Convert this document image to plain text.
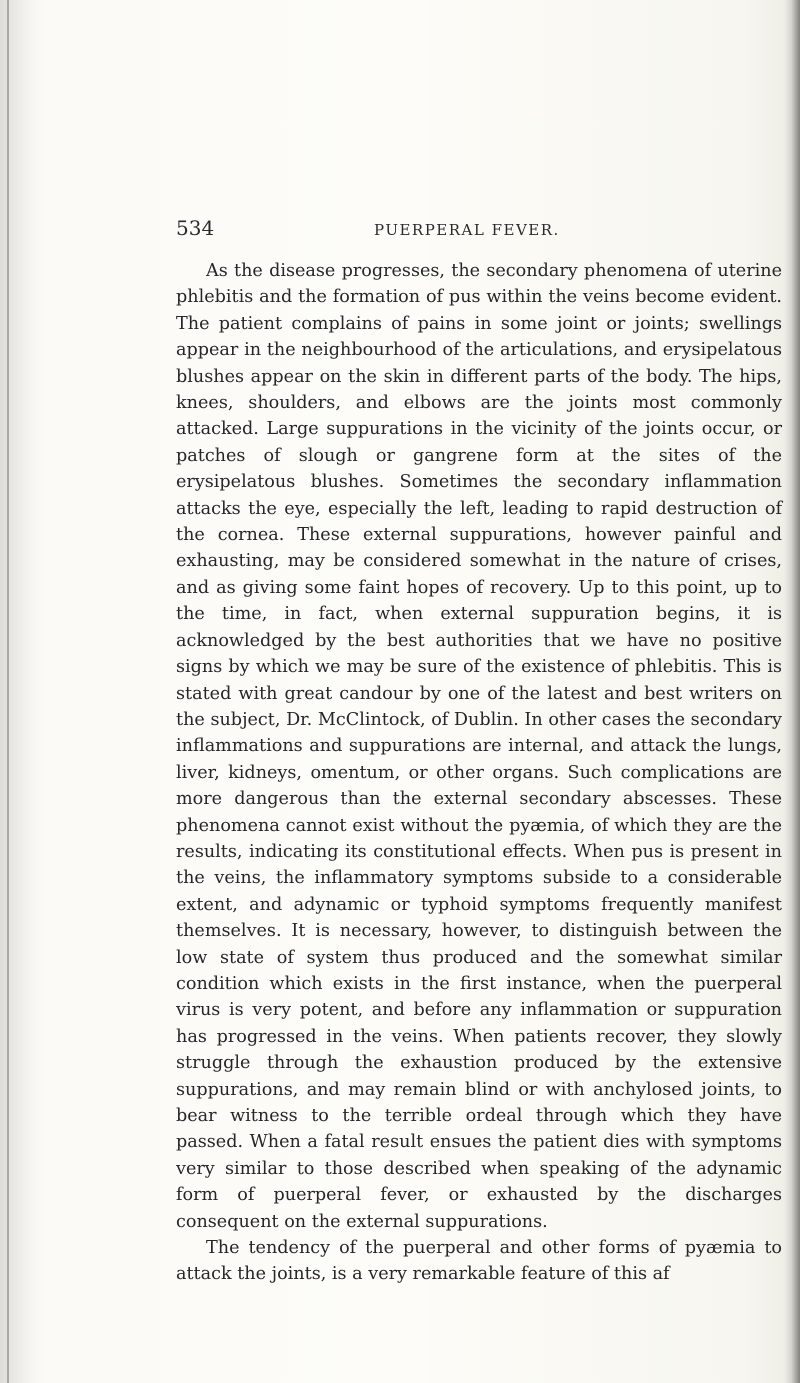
534	PUERPERAL FEVER.

As the disease progresses, the secondary phenomena of uterine phlebitis and the formation of pus within the veins become evident. The patient complains of pains in some joint or joints; swellings appear in the neighbourhood of the articulations, and erysipelatous blushes appear on the skin in different parts of the body. The hips, knees, shoulders, and elbows are the joints most commonly attacked. Large suppurations in the vicinity of the joints occur, or patches of slough or gangrene form at the sites of the erysipelatous blushes. Sometimes the secondary inflammation attacks the eye, especially the left, leading to rapid destruction of the cornea. These external suppurations, however painful and exhausting, may be considered somewhat in the nature of crises, and as giving some faint hopes of recovery. Up to this point, up to the time, in fact, when external suppuration begins, it is acknowledged by the best authorities that we have no positive signs by which we may be sure of the existence of phlebitis. This is stated with great candour by one of the latest and best writers on the subject, Dr. McClintock, of Dublin. In other cases the secondary inflammations and suppurations are internal, and attack the lungs, liver, kidneys, omentum, or other organs. Such complications are more dangerous than the external secondary abscesses. These phenomena cannot exist without the pyæmia, of which they are the results, indicating its constitutional effects. When pus is present in the veins, the inflammatory symptoms subside to a considerable extent, and adynamic or typhoid symptoms frequently manifest themselves. It is necessary, however, to distinguish between the low state of system thus produced and the somewhat similar condition which exists in the first instance, when the puerperal virus is very potent, and before any inflammation or suppuration has progressed in the veins. When patients recover, they slowly struggle through the exhaustion produced by the extensive suppurations, and may remain blind or with anchylosed joints, to bear witness to the terrible ordeal through which they have passed. When a fatal result ensues the patient dies with symptoms very similar to those described when speaking of the adynamic form of puerperal fever, or exhausted by the discharges consequent on the external suppurations.

The tendency of the puerperal and other forms of pyæmia to attack the joints, is a very remarkable feature of this af
